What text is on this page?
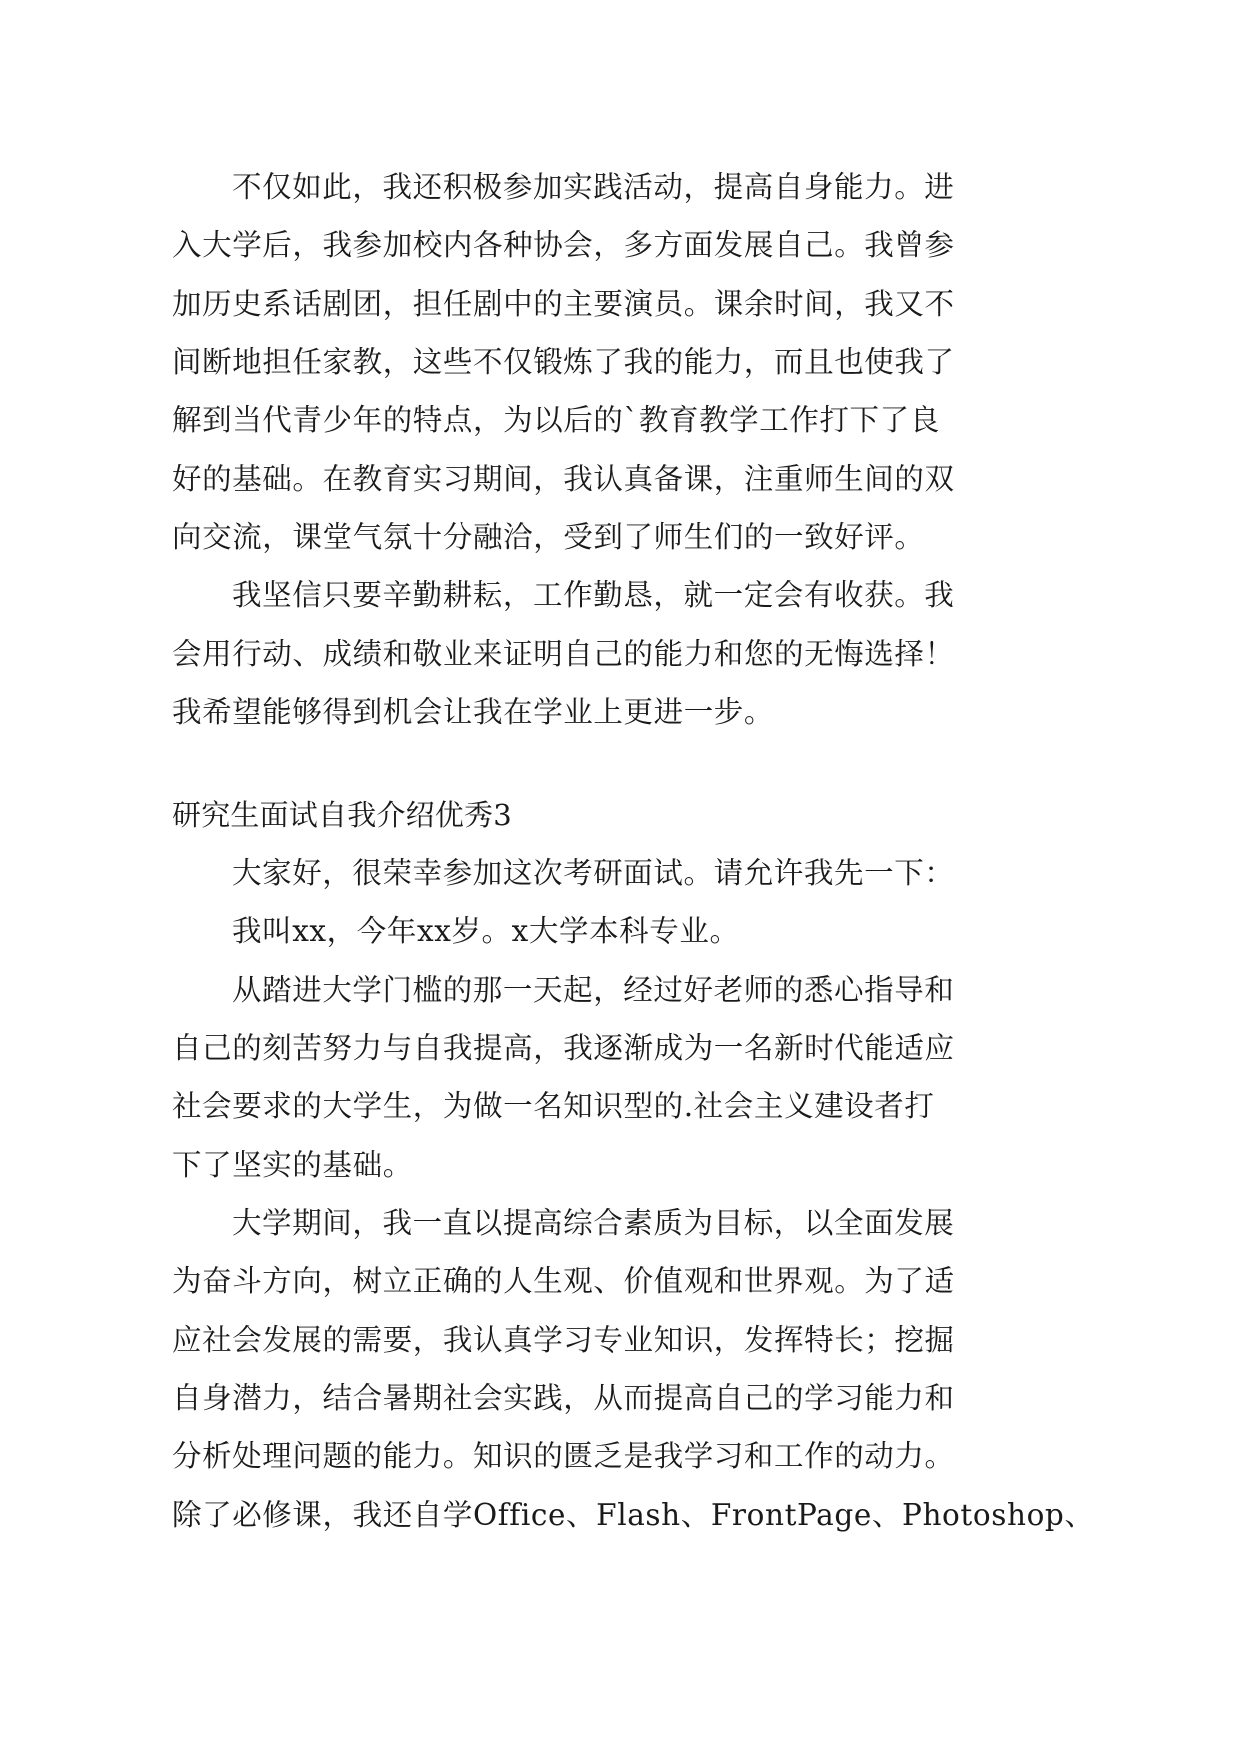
不仅如此，我还积极参加实践活动，提高自身能力。进
入大学后，我参加校内各种协会，多方面发展自己。我曾参
加历史系话剧团，担任剧中的主要演员。课余时间，我又不
间断地担任家教，这些不仅锻炼了我的能力，而且也使我了
解到当代青少年的特点，为以后的`教育教学工作打下了良
好的基础。在教育实习期间，我认真备课，注重师生间的双
向交流，课堂气氛十分融洽，受到了师生们的一致好评。
我坚信只要辛勤耕耘，工作勤恳，就一定会有收获。我
会用行动、成绩和敬业来证明自己的能力和您的无悔选择！
我希望能够得到机会让我在学业上更进一步。
研究生面试自我介绍优秀3
大家好，很荣幸参加这次考研面试。请允许我先一下：
我叫xx，今年xx岁。x大学本科专业。
从踏进大学门槛的那一天起，经过好老师的悉心指导和
自己的刻苦努力与自我提高，我逐渐成为一名新时代能适应
社会要求的大学生，为做一名知识型的.社会主义建设者打
下了坚实的基础。
大学期间，我一直以提高综合素质为目标，以全面发展
为奋斗方向，树立正确的人生观、价值观和世界观。为了适
应社会发展的需要，我认真学习专业知识，发挥特长；挖掘
自身潜力，结合暑期社会实践，从而提高自己的学习能力和
分析处理问题的能力。知识的匮乏是我学习和工作的动力。
除了必修课，我还自学Office、Flash、FrontPage、Photoshop、
